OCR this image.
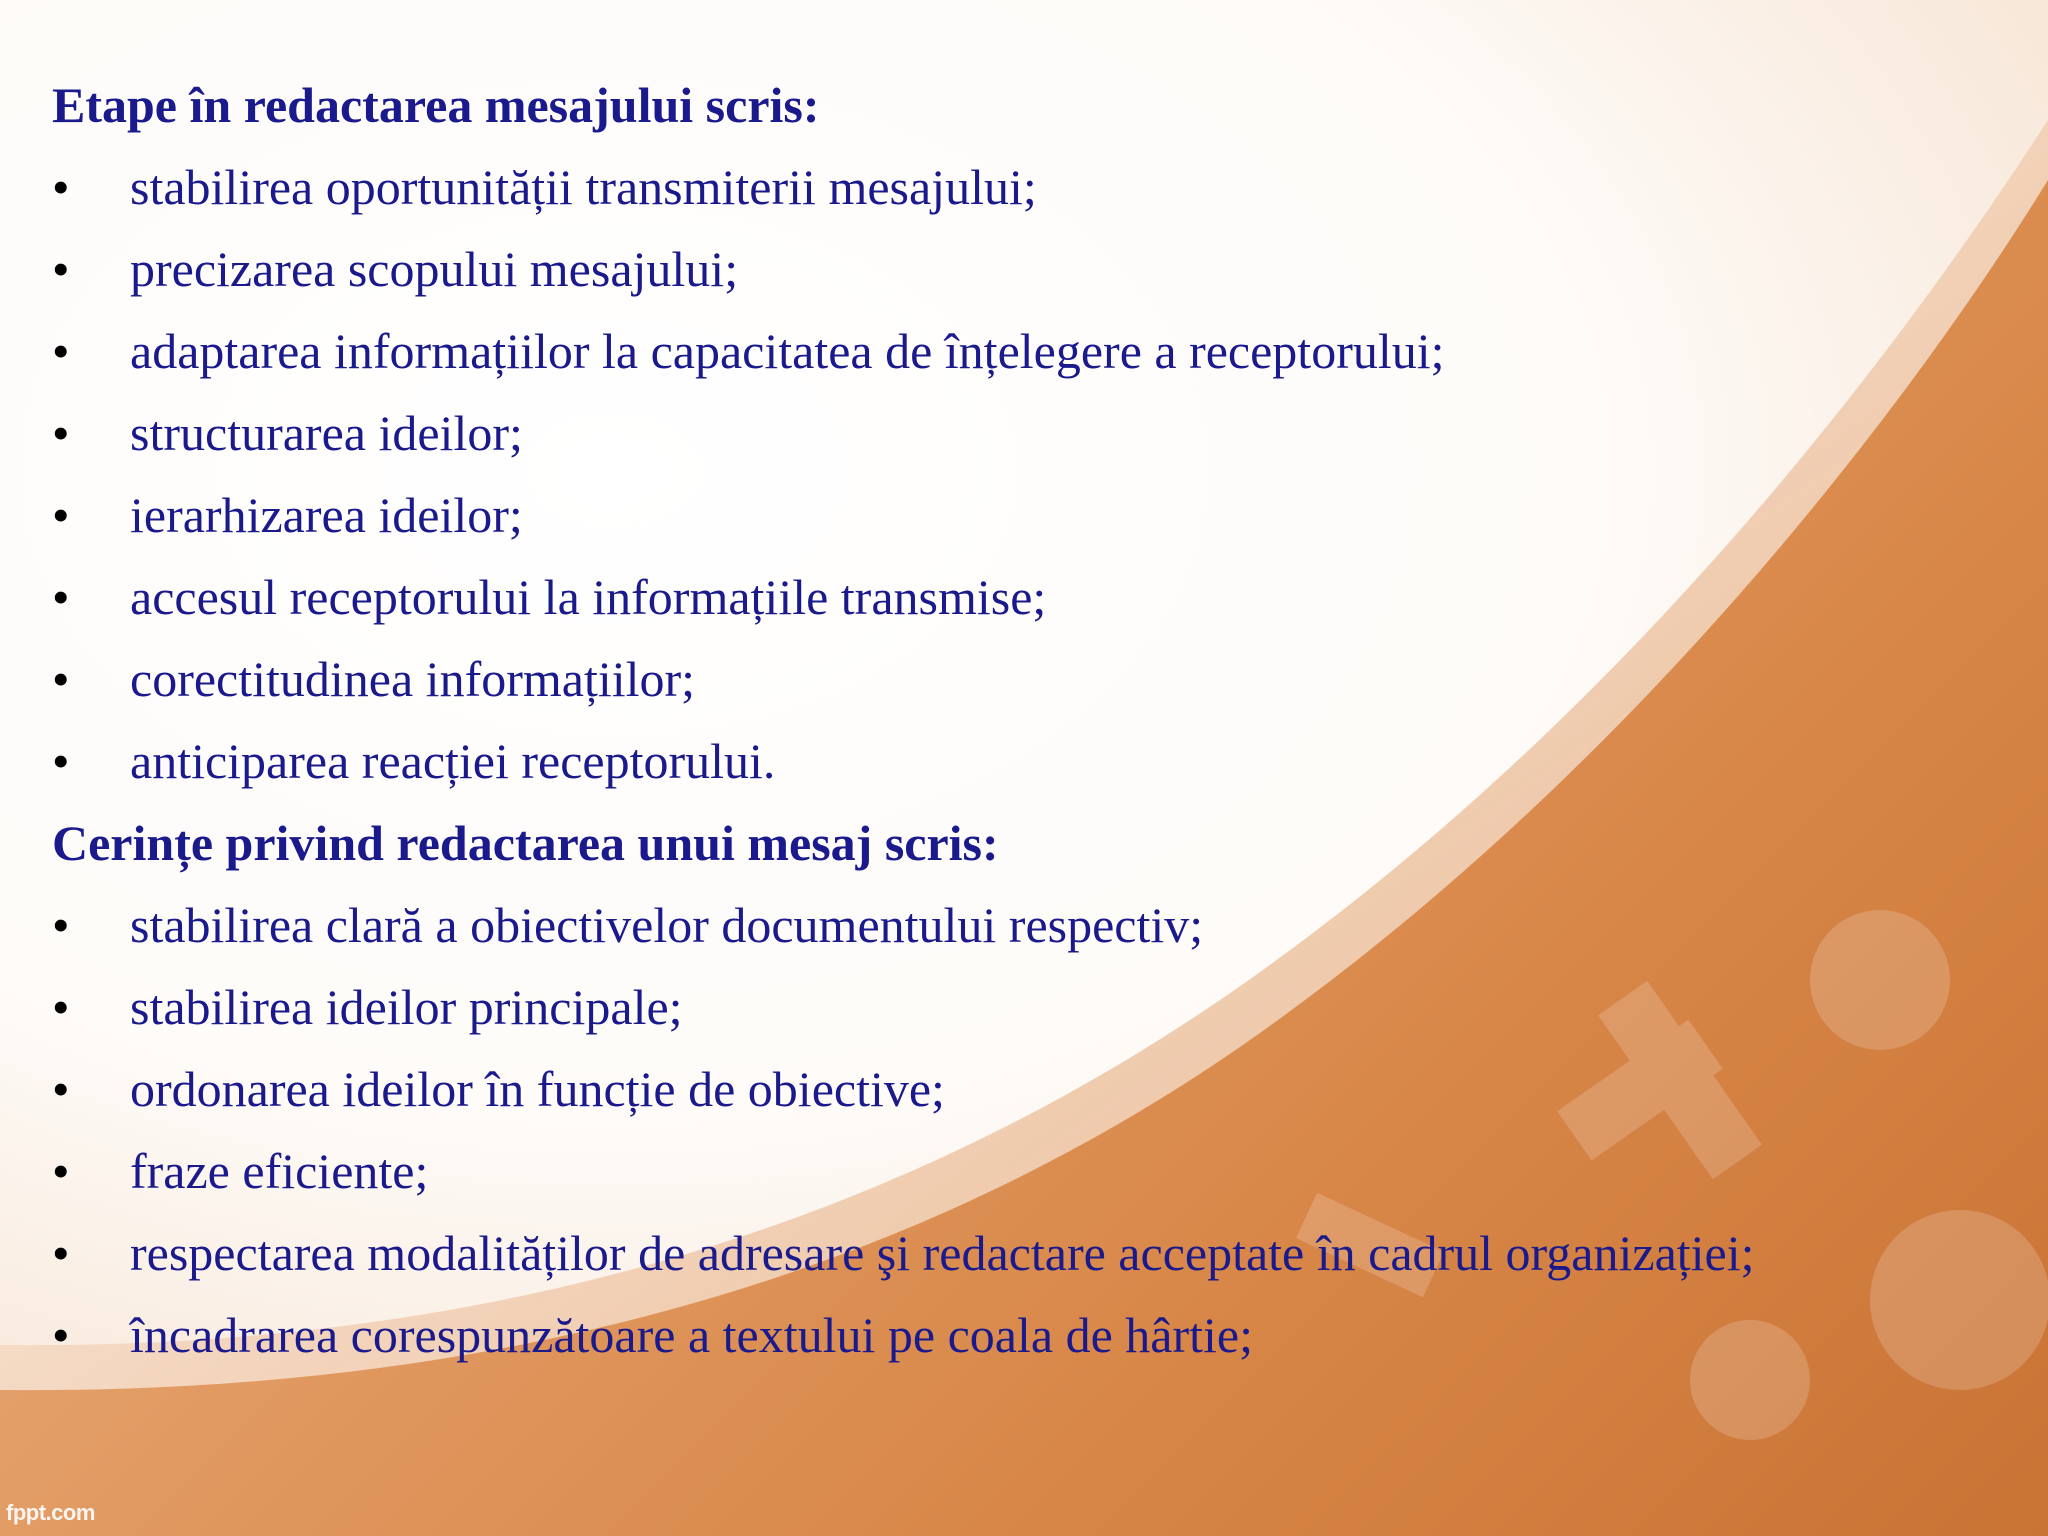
Etape în redactarea mesajului scris:

• stabilirea oportunității transmiterii mesajului;
• precizarea scopului mesajului;
• adaptarea informațiilor la capacitatea de înțelegere a receptorului;
• structurarea ideilor;
• ierarhizarea ideilor;
• accesul receptorului la informațiile transmise;
• corectitudinea informațiilor;
• anticiparea reacției receptorului.

Cerințe privind redactarea unui mesaj scris:

• stabilirea clară a obiectivelor documentului respectiv;
• stabilirea ideilor principale;
• ordonarea ideilor în funcție de obiective;
• fraze eficiente;
• respectarea modalităților de adresare şi redactare acceptate în cadrul organizației;
• încadrarea corespunzătoare a textului pe coala de hârtie;
fppt.com
